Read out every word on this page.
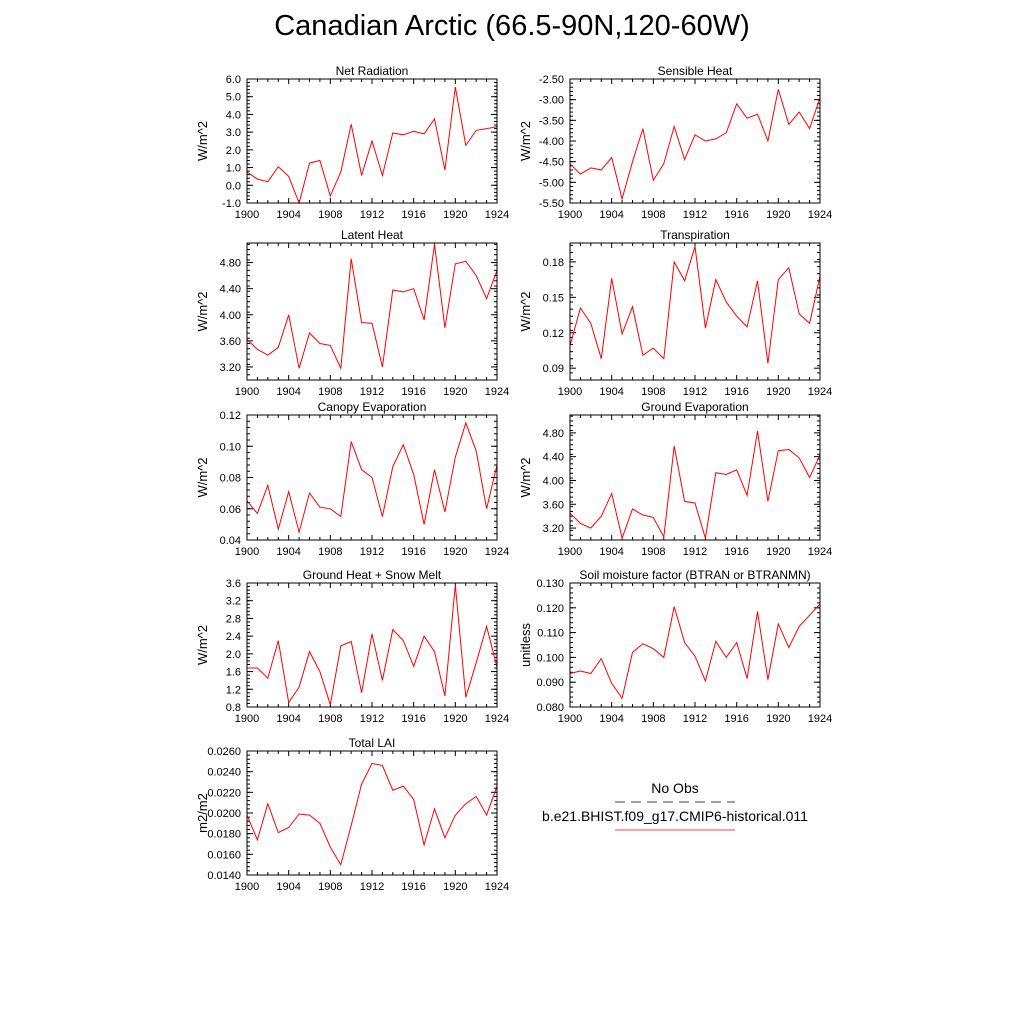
Canadian Arctic (66.5-90N,120-60W)
Net Radiation
W/m^2
1900 1904 1908 1912 1916 1920 1924
-1.0
0.0
1.0
2.0
3.0
4.0
5.0
6.0
Sensible Heat
W/m^2
1900 1904 1908 1912 1916 1920 1924
-5.50
-5.00
-4.50
-4.00
-3.50
-3.00
-2.50
Latent Heat
W/m^2
1900 1904 1908 1912 1916 1920 1924
3.20
3.60
4.00
4.40
4.80
Transpiration
W/m^2
1900 1904 1908 1912 1916 1920 1924
0.09
0.12
0.15
0.18
Canopy Evaporation
W/m^2
1900 1904 1908 1912 1916 1920 1924
0.04
0.06
0.08
0.10
0.12
Ground Evaporation
W/m^2
1900 1904 1908 1912 1916 1920 1924
3.20
3.60
4.00
4.40
4.80
Ground Heat + Snow Melt
W/m^2
1900 1904 1908 1912 1916 1920 1924
0.8
1.2
1.6
2.0
2.4
2.8
3.2
3.6
Soil moisture factor (BTRAN or BTRANMN)
unitless
1900 1904 1908 1912 1916 1920 1924
0.080
0.090
0.100
0.110
0.120
0.130
Total LAI
m2/m2
1900 1904 1908 1912 1916 1920 1924
0.0140
0.0160
0.0180
0.0200
0.0220
0.0240
0.0260
No Obs
b.e21.BHIST.f09_g17.CMIP6-historical.011
